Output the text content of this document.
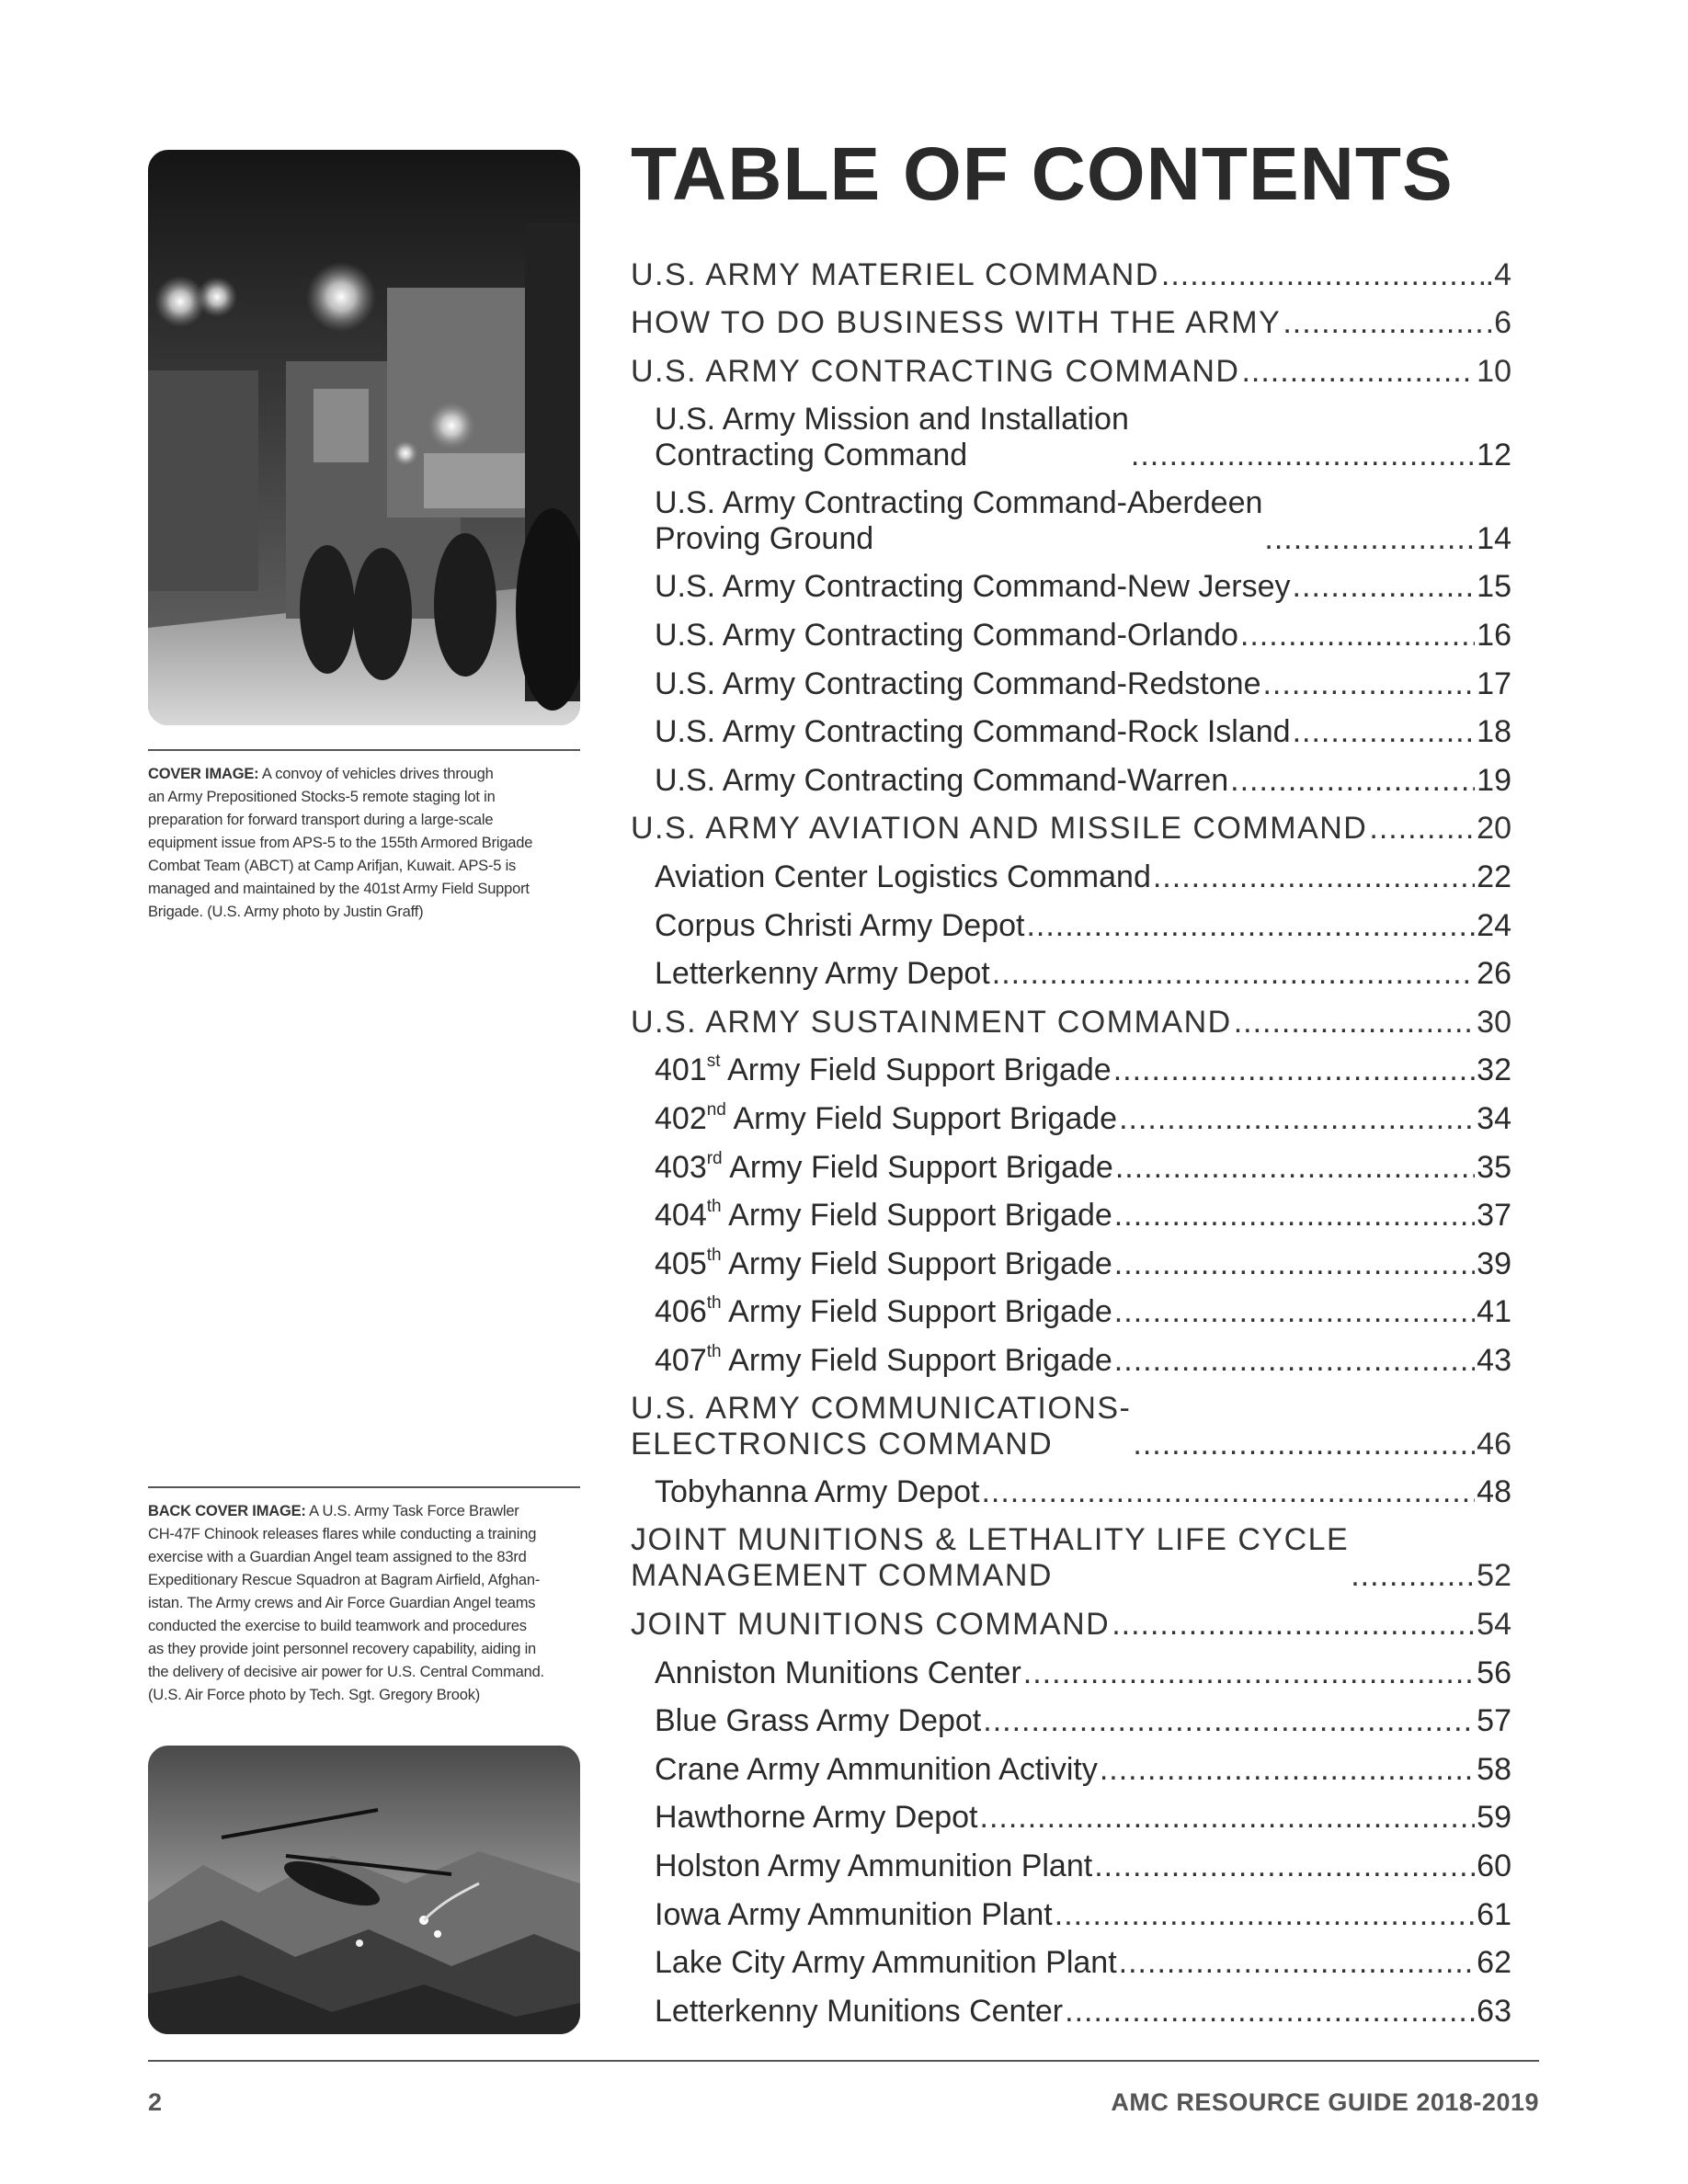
COVER IMAGE: A convoy of vehicles drives through
an Army Prepositioned Stocks-5 remote staging lot in
preparation for forward transport during a large-scale
equipment issue from APS-5 to the 155th Armored Brigade
Combat Team (ABCT) at Camp Arifjan, Kuwait. APS-5 is
managed and maintained by the 401st Army Field Support
Brigade. (U.S. Army photo by Justin Graff)
BACK COVER IMAGE: A U.S. Army Task Force Brawler
CH-47F Chinook releases flares while conducting a training
exercise with a Guardian Angel team assigned to the 83rd
Expeditionary Rescue Squadron at Bagram Airfield, Afghan-
istan. The Army crews and Air Force Guardian Angel teams
conducted the exercise to build teamwork and procedures
as they provide joint personnel recovery capability, aiding in
the delivery of decisive air power for U.S. Central Command.
(U.S. Air Force photo by Tech. Sgt. Gregory Brook)
TABLE OF CONTENTS
U.S. ARMY MATERIEL COMMAND .....	.4
HOW TO DO BUSINESS WITH THE ARMY .....	.6
U.S. ARMY CONTRACTING COMMAND .....	10
U.S. Army Mission and Installation
Contracting Command .....	12
U.S. Army Contracting Command-Aberdeen
Proving Ground .....	14
U.S. Army Contracting Command-New Jersey .....	15
U.S. Army Contracting Command-Orlando .....	16
U.S. Army Contracting Command-Redstone .....	17
U.S. Army Contracting Command-Rock Island .....	18
U.S. Army Contracting Command-Warren .....	19
U.S. ARMY AVIATION AND MISSILE COMMAND .....	20
Aviation Center Logistics Command .....	22
Corpus Christi Army Depot .....	24
Letterkenny Army Depot .....	26
U.S. ARMY SUSTAINMENT COMMAND .....	30
401st Army Field Support Brigade .....	32
402nd Army Field Support Brigade .....	34
403rd Army Field Support Brigade .....	35
404th Army Field Support Brigade .....	37
405th Army Field Support Brigade .....	39
406th Army Field Support Brigade .....	41
407th Army Field Support Brigade .....	43
U.S. ARMY COMMUNICATIONS-
ELECTRONICS COMMAND .....	46
Tobyhanna Army Depot .....	48
JOINT MUNITIONS & LETHALITY LIFE CYCLE
MANAGEMENT COMMAND .....	52
JOINT MUNITIONS COMMAND .....	54
Anniston Munitions Center .....	56
Blue Grass Army Depot .....	57
Crane Army Ammunition Activity .....	58
Hawthorne Army Depot .....	59
Holston Army Ammunition Plant .....	60
Iowa Army Ammunition Plant .....	61
Lake City Army Ammunition Plant .....	62
Letterkenny Munitions Center .....	63
2	AMC RESOURCE GUIDE 2018-2019
